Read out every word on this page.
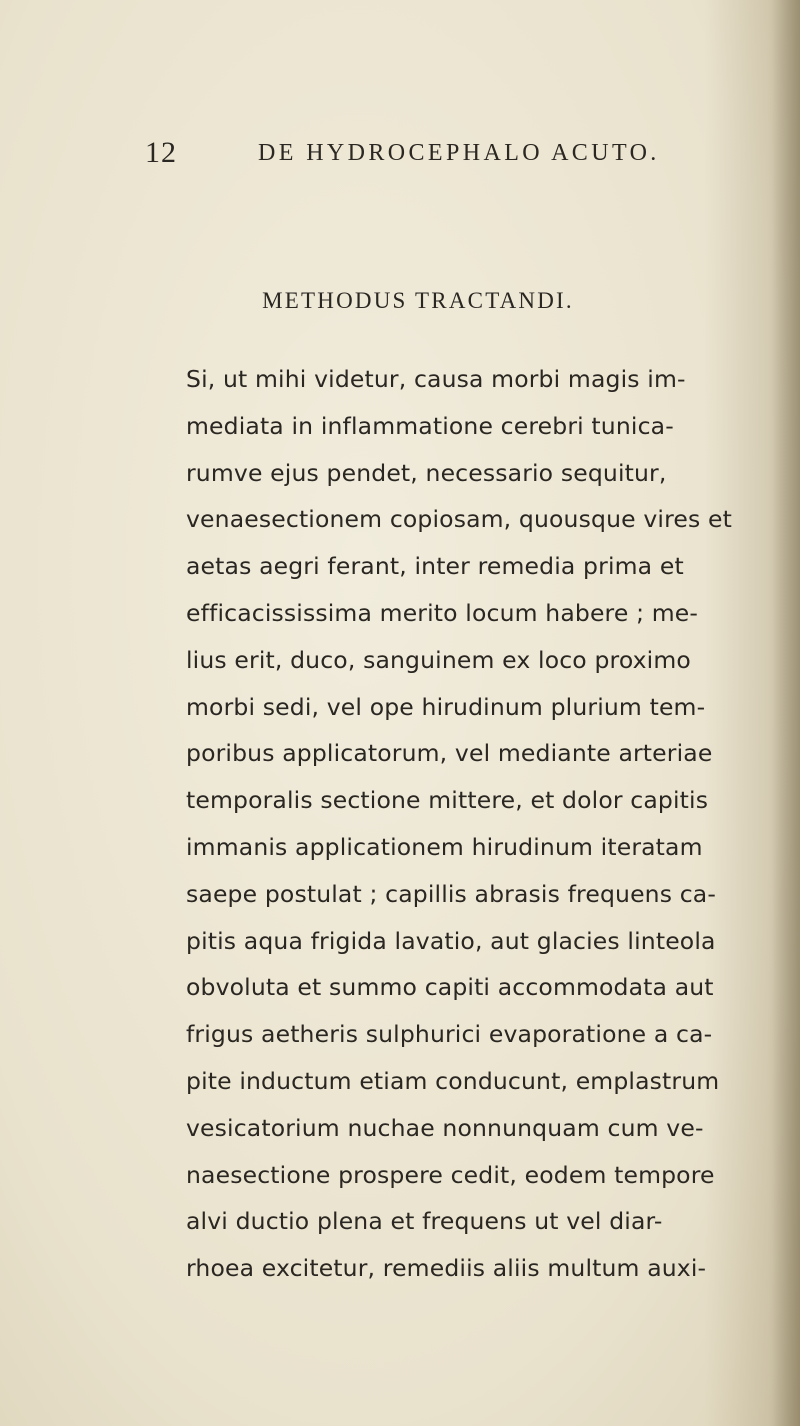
12	DE HYDROCEPHALO ACUTO.
METHODUS TRACTANDI.
Si, ut mihi videtur, causa morbi magis im-
mediata in inflammatione cerebri tunica-
rumve ejus pendet, necessario sequitur,
venaesectionem copiosam, quousque vires et
aetas aegri ferant, inter remedia prima et
efficacississima merito locum habere ; me-
lius erit, duco, sanguinem ex loco proximo
morbi sedi, vel ope hirudinum plurium tem-
poribus applicatorum, vel mediante arteriae
temporalis sectione mittere, et dolor capitis
immanis applicationem hirudinum iteratam
saepe postulat ; capillis abrasis frequens ca-
pitis aqua frigida lavatio, aut glacies linteola
obvoluta et summo capiti accommodata aut
frigus aetheris sulphurici evaporatione a ca-
pite inductum etiam conducunt, emplastrum
vesicatorium nuchae nonnunquam cum ve-
naesectione prospere cedit, eodem tempore
alvi ductio plena et frequens ut vel diar-
rhoea excitetur, remediis aliis multum auxi-
